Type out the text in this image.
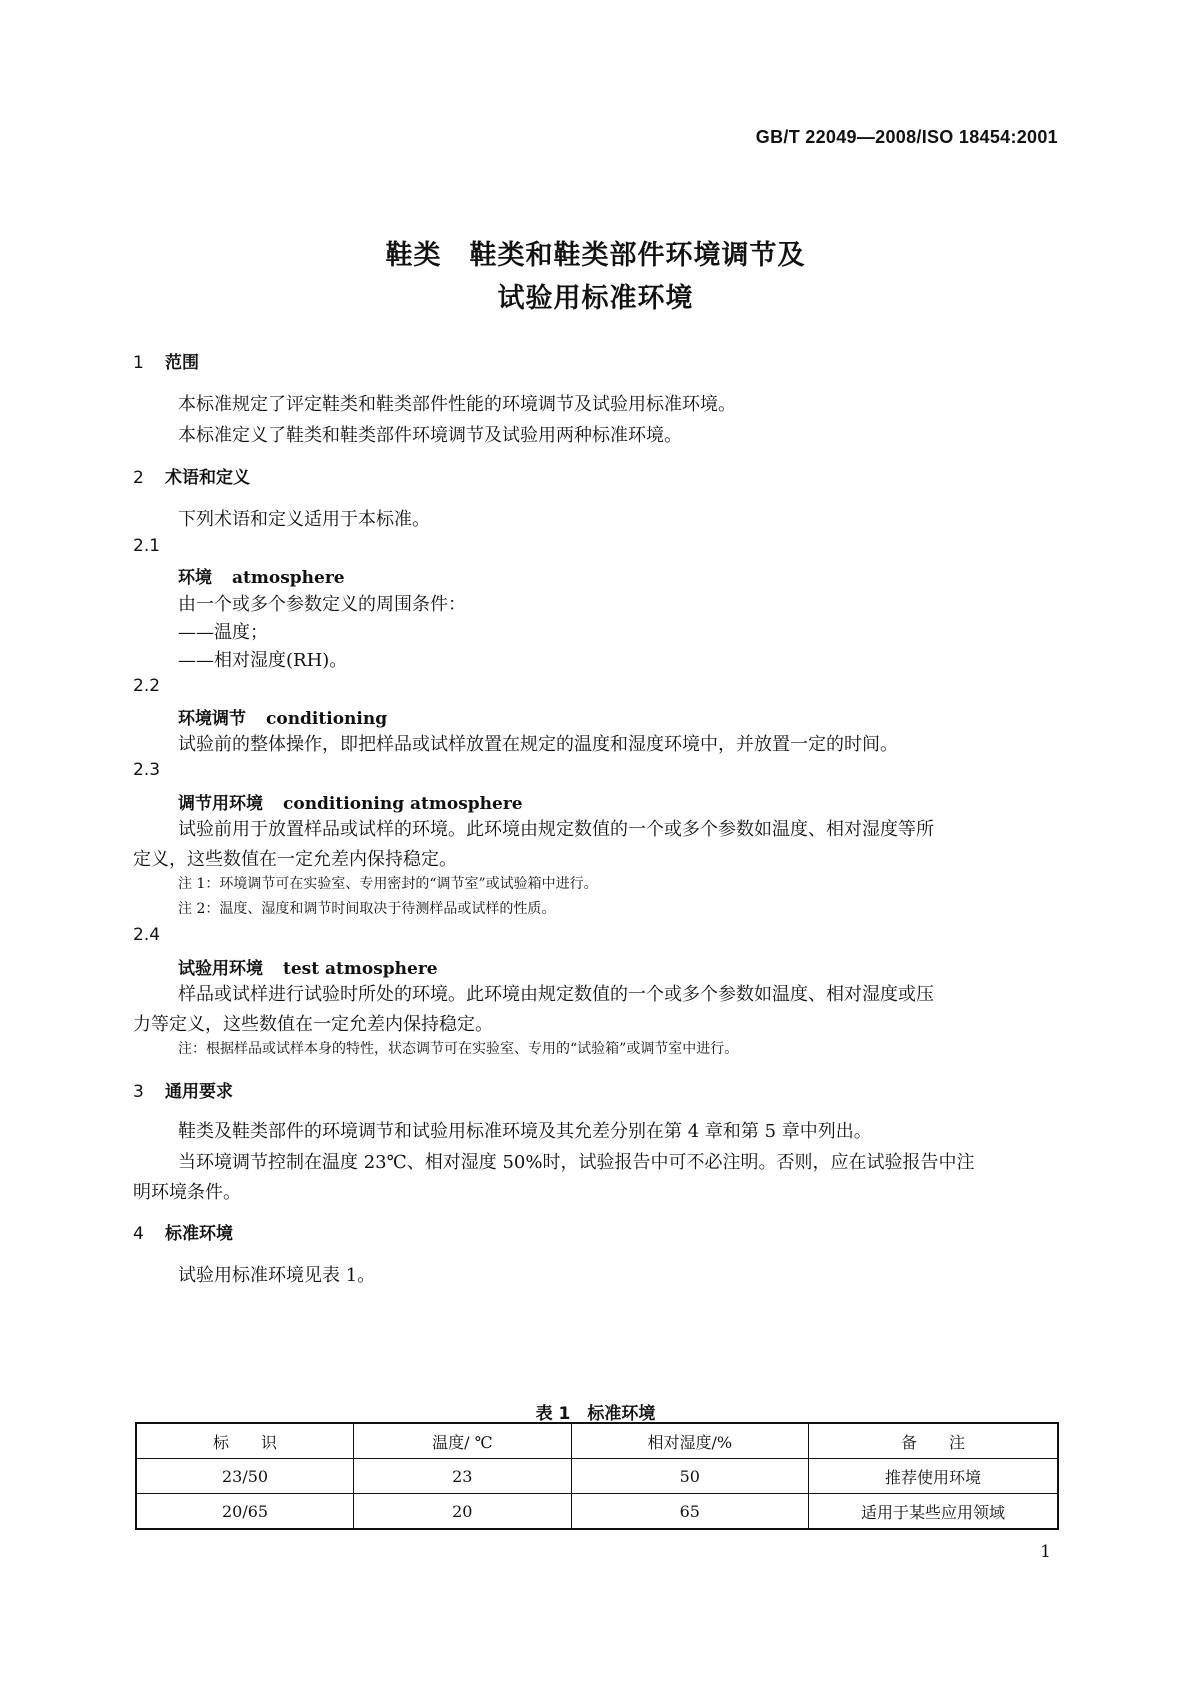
GB/T 22049—2008/ISO 18454:2001
鞋类　鞋类和鞋类部件环境调节及
试验用标准环境
1 范围
本标准规定了评定鞋类和鞋类部件性能的环境调节及试验用标准环境。
本标准定义了鞋类和鞋类部件环境调节及试验用两种标准环境。
2 术语和定义
下列术语和定义适用于本标准。
2.1
环境 atmosphere
由一个或多个参数定义的周围条件：
——温度；
——相对湿度(RH)。
2.2
环境调节 conditioning
试验前的整体操作，即把样品或试样放置在规定的温度和湿度环境中，并放置一定的时间。
2.3
调节用环境 conditioning atmosphere
试验前用于放置样品或试样的环境。此环境由规定数值的一个或多个参数如温度、相对湿度等所
定义，这些数值在一定允差内保持稳定。
注 1：环境调节可在实验室、专用密封的“调节室”或试验箱中进行。
注 2：温度、湿度和调节时间取决于待测样品或试样的性质。
2.4
试验用环境 test atmosphere
样品或试样进行试验时所处的环境。此环境由规定数值的一个或多个参数如温度、相对湿度或压
力等定义，这些数值在一定允差内保持稳定。
注：根据样品或试样本身的特性，状态调节可在实验室、专用的“试验箱”或调节室中进行。
3 通用要求
鞋类及鞋类部件的环境调节和试验用标准环境及其允差分别在第 4 章和第 5 章中列出。
当环境调节控制在温度 23℃、相对湿度 50%时，试验报告中可不必注明。否则，应在试验报告中注
明环境条件。
4 标准环境
试验用标准环境见表 1。
表 1　标准环境
标　　识	温度/ ℃	相对湿度/%	备　　注
23/50	23	50	推荐使用环境
20/65	20	65	适用于某些应用领域
1
